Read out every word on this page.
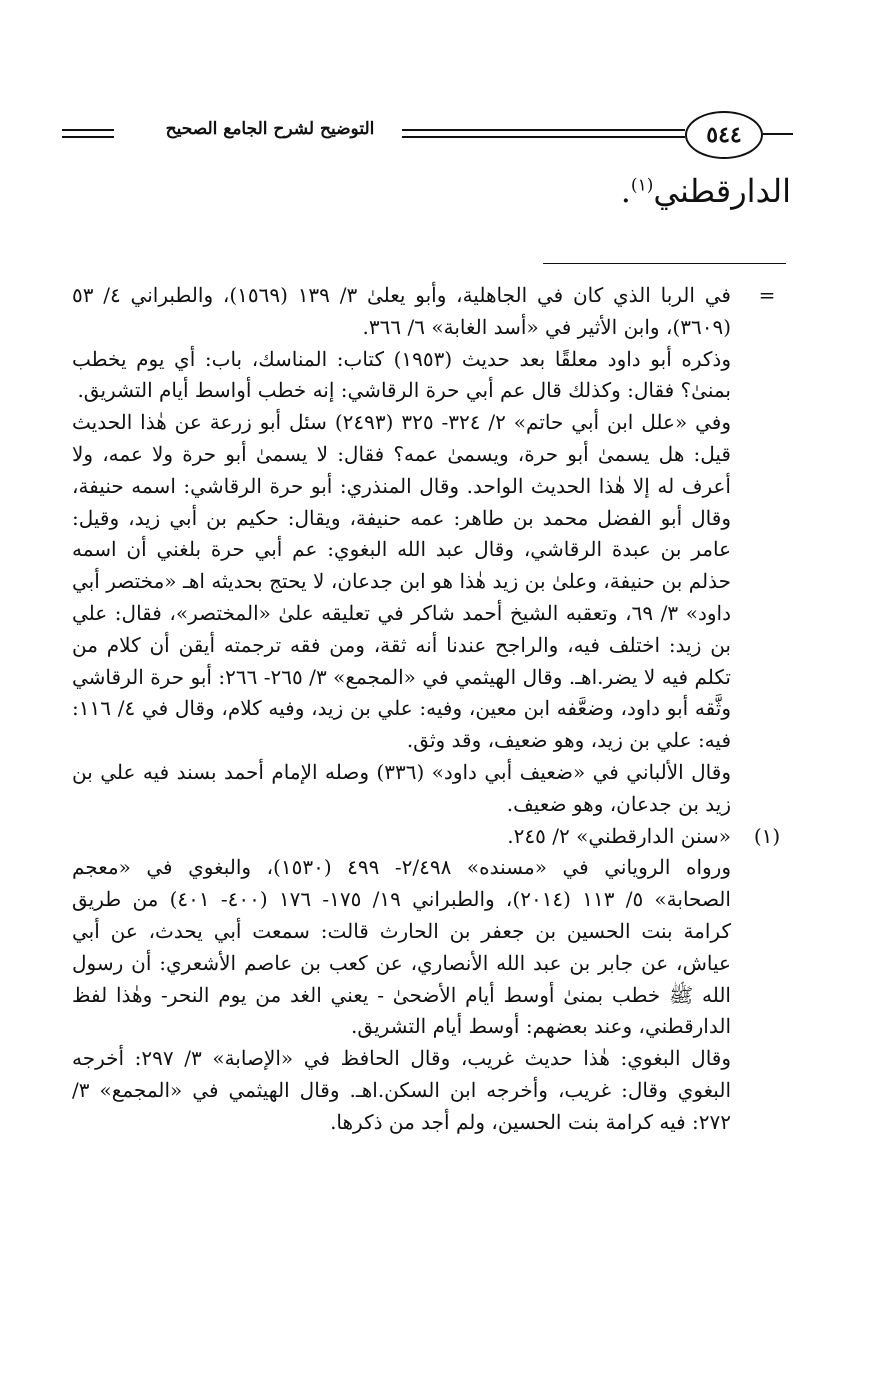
التوضيح لشرح الجامع الصحيح	٥٤٤
الدارقطني$^{(١)}$.
=

في الربا الذي كان في الجاهلية، وأبو يعلىٰ ٣/ ١٣٩ (١٥٦٩)، والطبراني ٤/ ٥٣ (٣٦٠٩)، وابن الأثير في «أسد الغابة» ٦/ ٣٦٦.

وذكره أبو داود معلقًا بعد حديث (١٩٥٣) كتاب: المناسك، باب: أي يوم يخطب بمنىٰ؟ فقال: وكذلك قال عم أبي حرة الرقاشي: إنه خطب أواسط أيام التشريق.

وفي «علل ابن أبي حاتم» ٢/ ٣٢٤- ٣٢٥ (٢٤٩٣) سئل أبو زرعة عن هٰذا الحديث قيل: هل يسمىٰ أبو حرة، ويسمىٰ عمه؟ فقال: لا يسمىٰ أبو حرة ولا عمه، ولا أعرف له إلا هٰذا الحديث الواحد. وقال المنذري: أبو حرة الرقاشي: اسمه حنيفة، وقال أبو الفضل محمد بن طاهر: عمه حنيفة، ويقال: حكيم بن أبي زيد، وقيل: عامر بن عبدة الرقاشي، وقال عبد الله البغوي: عم أبي حرة بلغني أن اسمه حذلم بن حنيفة، وعلىٰ بن زيد هٰذا هو ابن جدعان، لا يحتج بحديثه اهـ «مختصر أبي داود» ٣/ ٦٩، وتعقبه الشيخ أحمد شاكر في تعليقه علىٰ «المختصر»، فقال: علي بن زيد: اختلف فيه، والراجح عندنا أنه ثقة، ومن فقه ترجمته أيقن أن كلام من تكلم فيه لا يضر.اهـ. وقال الهيثمي في «المجمع» ٣/ ٢٦٥- ٢٦٦: أبو حرة الرقاشي وثَّقه أبو داود، وضعَّفه ابن معين، وفيه: علي بن زيد، وفيه كلام، وقال في ٤/ ١١٦: فيه: علي بن زيد، وهو ضعيف، وقد وثق.

وقال الألباني في «ضعيف أبي داود» (٣٣٦) وصله الإمام أحمد بسند فيه علي بن زيد بن جدعان، وهو ضعيف.

(١)

«سنن الدارقطني» ٢/ ٢٤٥.

ورواه الروياني في «مسنده» ٢/٤٩٨- ٤٩٩ (١٥٣٠)، والبغوي في «معجم الصحابة» ٥/ ١١٣ (٢٠١٤)، والطبراني ١٩/ ١٧٥- ١٧٦ (٤٠٠- ٤٠١) من طريق كرامة بنت الحسين بن جعفر بن الحارث قالت: سمعت أبي يحدث، عن أبي عياش، عن جابر بن عبد الله الأنصاري، عن كعب بن عاصم الأشعري: أن رسول الله ﷺ خطب بمنىٰ أوسط أيام الأضحىٰ - يعني الغد من يوم النحر- وهٰذا لفظ الدارقطني، وعند بعضهم: أوسط أيام التشريق.

وقال البغوي: هٰذا حديث غريب، وقال الحافظ في «الإصابة» ٣/ ٢٩٧: أخرجه البغوي وقال: غريب، وأخرجه ابن السكن.اهـ. وقال الهيثمي في «المجمع» ٣/ ٢٧٢: فيه كرامة بنت الحسين، ولم أجد من ذكرها.
